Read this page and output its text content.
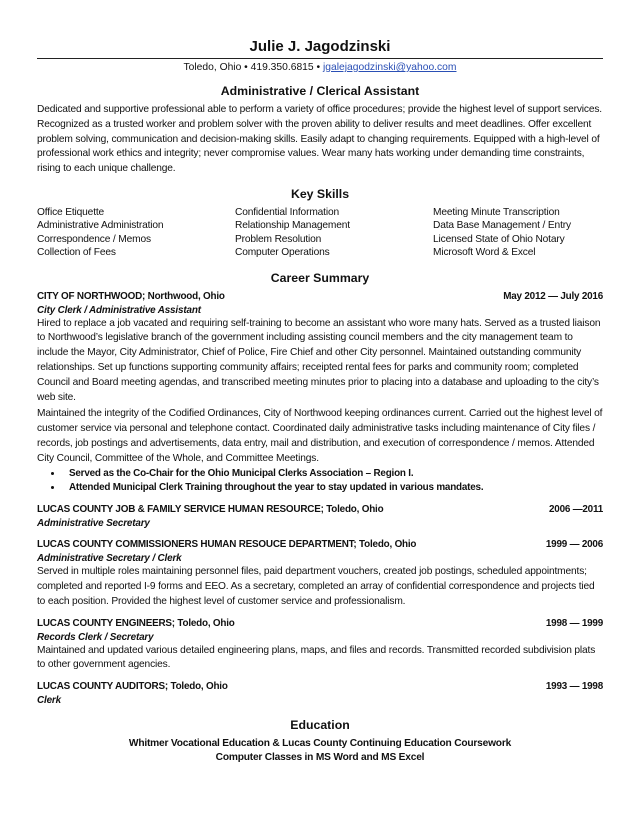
Julie J. Jagodzinski
Toledo, Ohio • 419.350.6815 • jgalejagodzinski@yahoo.com
Administrative / Clerical Assistant

Dedicated and supportive professional able to perform a variety of office procedures; provide the highest level of support services. Recognized as a trusted worker and problem solver with the proven ability to deliver results and meet deadlines. Offer excellent problem solving, communication and decision-making skills. Easily adapt to changing requirements. Equipped with a high-level of professional work ethics and integrity; never compromise values. Wear many hats working under demanding time constraints, rising to each unique challenge.

Key Skills
Office Etiquette	Confidential Information	Meeting Minute Transcription
Administrative Administration	Relationship Management	Data Base Management / Entry
Correspondence / Memos	Problem Resolution	Licensed State of Ohio Notary
Collection of Fees	Computer Operations	Microsoft Word & Excel
Career Summary
CITY OF NORTHWOOD; Northwood, Ohio	May 2012 — July 2016
City Clerk / Administrative Assistant

Hired to replace a job vacated and requiring self-training to become an assistant who wore many hats. Served as a trusted liaison to Northwood’s legislative branch of the government including assisting council members and the city management team to include the Mayor, City Administrator, Chief of Police, Fire Chief and other City personnel. Maintained outstanding community relationships. Set up functions supporting community affairs; receipted rental fees for parks and community room; completed Council and Board meeting agendas, and transcribed meeting minutes prior to placing into a database and uploading to the city’s web site.

Maintained the integrity of the Codified Ordinances, City of Northwood keeping ordinances current. Carried out the highest level of customer service via personal and telephone contact. Coordinated daily administrative tasks including maintenance of City files / records, job postings and advertisements, data entry, mail and distribution, and execution of correspondence / memos. Attended City Council, Committee of the Whole, and Committee Meetings.

• Served as the Co-Chair for the Ohio Municipal Clerks Association – Region I.
• Attended Municipal Clerk Training throughout the year to stay updated in various mandates.
LUCAS COUNTY JOB & FAMILY SERVICE HUMAN RESOURCE; Toledo, Ohio	2006 —2011
Administrative Secretary
LUCAS COUNTY COMMISSIONERS HUMAN RESOUCE DEPARTMENT; Toledo, Ohio	1999 — 2006
Administrative Secretary / Clerk

Served in multiple roles maintaining personnel files, paid department vouchers, created job postings, scheduled appointments; completed and reported I-9 forms and EEO. As a secretary, completed an array of confidential correspondence and projects tied to each position. Provided the highest level of customer service and professionalism.

LUCAS COUNTY ENGINEERS; Toledo, Ohio	1998 — 1999
Records Clerk / Secretary

Maintained and updated various detailed engineering plans, maps, and files and records. Transmitted recorded subdivision plats to other government agencies.

LUCAS COUNTY AUDITORS; Toledo, Ohio	1993 — 1998
Clerk
Education
Whitmer Vocational Education & Lucas County Continuing Education Coursework
Computer Classes in MS Word and MS Excel
